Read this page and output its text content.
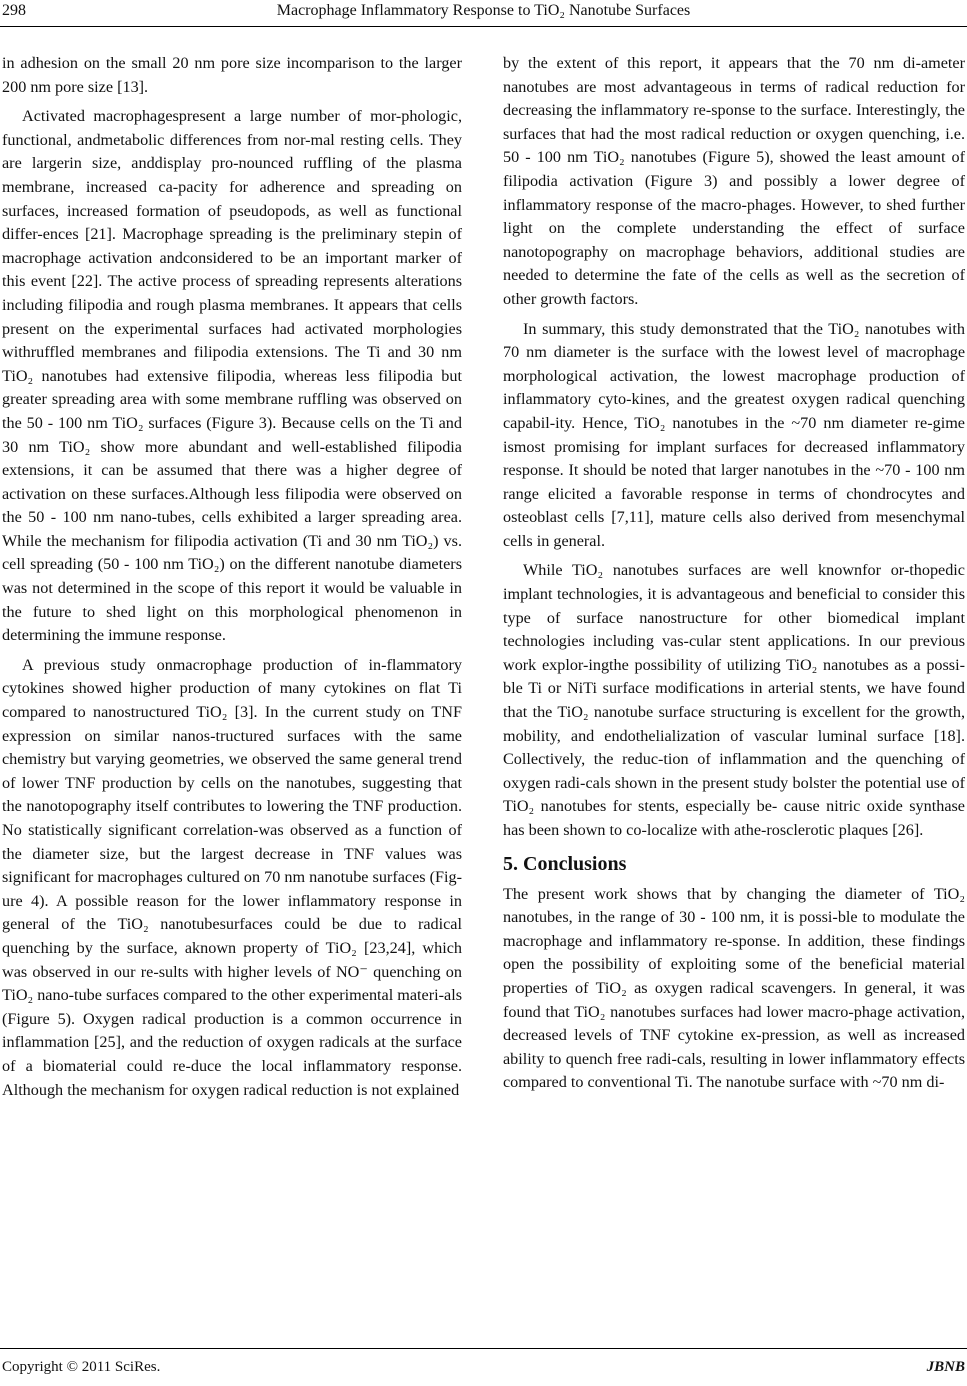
298	Macrophage Inflammatory Response to TiO₂ Nanotube Surfaces

in adhesion on the small 20 nm pore size incomparison to the larger 200 nm pore size [13].

Activated macrophagespresent a large number of mor-phologic, functional, andmetabolic differences from nor-mal resting cells. They are largerin size, anddisplay pro-nounced ruffling of the plasma membrane, increased ca-pacity for adherence and spreading on surfaces, increased formation of pseudopods, as well as functional differ-ences [21]. Macrophage spreading is the preliminary stepin of macrophage activation andconsidered to be an important marker of this event [22]. The active process of spreading represents alterations including filipodia and rough plasma membranes. It appears that cells present on the experimental surfaces had activated morphologies withruffled membranes and filipodia extensions. The Ti and 30 nm TiO₂ nanotubes had extensive filipodia, whereas less filipodia but greater spreading area with some membrane ruffling was observed on the 50 - 100 nm TiO₂ surfaces (Figure 3). Because cells on the Ti and 30 nm TiO₂ show more abundant and well-established filipodia extensions, it can be assumed that there was a higher degree of activation on these surfaces.Although less filipodia were observed on the 50 - 100 nm nano-tubes, cells exhibited a larger spreading area. While the mechanism for filipodia activation (Ti and 30 nm TiO₂) vs. cell spreading (50 - 100 nm TiO₂) on the different nanotube diameters was not determined in the scope of this report it would be valuable in the future to shed light on this morphological phenomenon in determining the immune response.

A previous study onmacrophage production of in-flammatory cytokines showed higher production of many cytokines on flat Ti compared to nanostructured TiO₂ [3]. In the current study on TNF expression on similar nanos-tructured surfaces with the same chemistry but varying geometries, we observed the same general trend of lower TNF production by cells on the nanotubes, suggesting that the nanotopography itself contributes to lowering the TNF production. No statistically significant correlation-was observed as a function of the diameter size, but the largest decrease in TNF values was significant for macrophages cultured on 70 nm nanotube surfaces (Fig-ure 4). A possible reason for the lower inflammatory response in general of the TiO₂ nanotubesurfaces could be due to radical quenching by the surface, aknown property of TiO₂ [23,24], which was observed in our re-sults with higher levels of NO⁻ quenching on TiO₂ nano-tube surfaces compared to the other experimental materi-als (Figure 5). Oxygen radical production is a common occurrence in inflammation [25], and the reduction of oxygen radicals at the surface of a biomaterial could re-duce the local inflammatory response. Although the mechanism for oxygen radical reduction is not explained

by the extent of this report, it appears that the 70 nm di-ameter nanotubes are most advantageous in terms of radical reduction for decreasing the inflammatory re-sponse to the surface. Interestingly, the surfaces that had the most radical reduction or oxygen quenching, i.e. 50 - 100 nm TiO₂ nanotubes (Figure 5), showed the least amount of filipodia activation (Figure 3) and possibly a lower degree of inflammatory response of the macro-phages. However, to shed further light on the complete understanding the effect of surface nanotopography on macrophage behaviors, additional studies are needed to determine the fate of the cells as well as the secretion of other growth factors.

In summary, this study demonstrated that the TiO₂ nanotubes with 70 nm diameter is the surface with the lowest level of macrophage morphological activation, the lowest macrophage production of inflammatory cyto-kines, and the greatest oxygen radical quenching capabil-ity. Hence, TiO₂ nanotubes in the ~70 nm diameter re-gime ismost promising for implant surfaces for decreased inflammatory response. It should be noted that larger nanotubes in the ~70 - 100 nm range elicited a favorable response in terms of chondrocytes and osteoblast cells [7,11], mature cells also derived from mesenchymal cells in general.

While TiO₂ nanotubes surfaces are well knownfor or-thopedic implant technologies, it is advantageous and beneficial to consider this type of surface nanostructure for other biomedical implant technologies including vas-cular stent applications. In our previous work explor-ingthe possibility of utilizing TiO₂ nanotubes as a possi-ble Ti or NiTi surface modifications in arterial stents, we have found that the TiO₂ nanotube surface structuring is excellent for the growth, mobility, and endothelialization of vascular luminal surface [18]. Collectively, the reduc-tion of inflammation and the quenching of oxygen radi-cals shown in the present study bolster the potential use of TiO₂ nanotubes for stents, especially be- cause nitric oxide synthase has been shown to co-localize with athe-rosclerotic plaques [26].

5. Conclusions

The present work shows that by changing the diameter of TiO₂ nanotubes, in the range of 30 - 100 nm, it is possi-ble to modulate the macrophage and inflammatory re-sponse. In addition, these findings open the possibility of exploiting some of the beneficial material properties of TiO₂ as oxygen radical scavengers. In general, it was found that TiO₂ nanotubes surfaces had lower macro-phage activation, decreased levels of TNF cytokine ex-pression, as well as increased ability to quench free radi-cals, resulting in lower inflammatory effects compared to conventional Ti. The nanotube surface with ~70 nm di-

Copyright © 2011 SciRes.	JBNB
